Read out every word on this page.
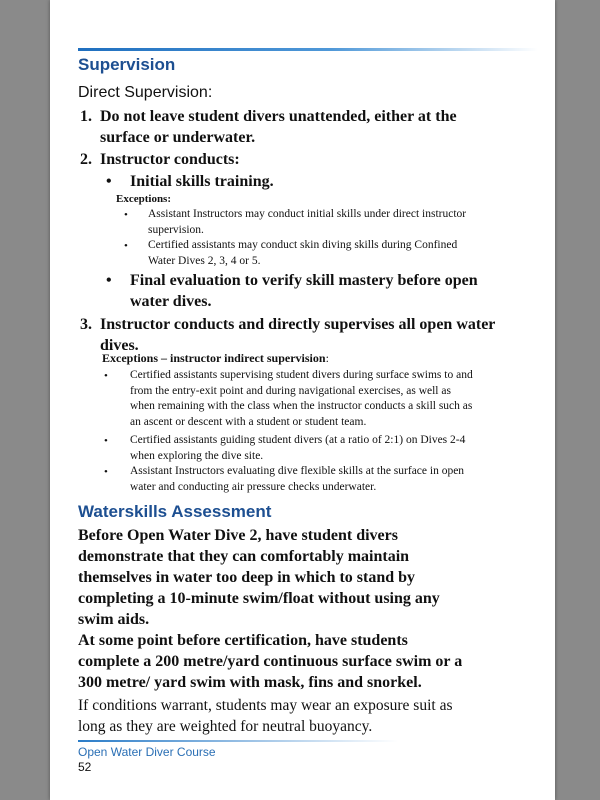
Supervision
Direct Supervision:
1. Do not leave student divers unattended, either at the surface or underwater.

2. Instructor conducts:

• Initial skills training.

Exceptions:

• Assistant Instructors may conduct initial skills under direct instructor supervision.

• Certified assistants may conduct skin diving skills during Confined Water Dives 2, 3, 4 or 5.

• Final evaluation to verify skill mastery before open water dives.

3. Instructor conducts and directly supervises all open water dives.

Exceptions – instructor indirect supervision:

• Certified assistants supervising student divers during surface swims to and from the entry-exit point and during navigational exercises, as well as when remaining with the class when the instructor conducts a skill such as an ascent or descent with a student or student team.

• Certified assistants guiding student divers (at a ratio of 2:1) on Dives 2-4 when exploring the dive site.

• Assistant Instructors evaluating dive flexible skills at the surface in open water and conducting air pressure checks underwater.

Waterskills Assessment

Before Open Water Dive 2, have student divers demonstrate that they can comfortably maintain themselves in water too deep in which to stand by completing a 10-minute swim/float without using any swim aids.

At some point before certification, have students complete a 200 metre/yard continuous surface swim or a 300 metre/ yard swim with mask, fins and snorkel.

If conditions warrant, students may wear an exposure suit as long as they are weighted for neutral buoyancy.

Open Water Diver Course
52
